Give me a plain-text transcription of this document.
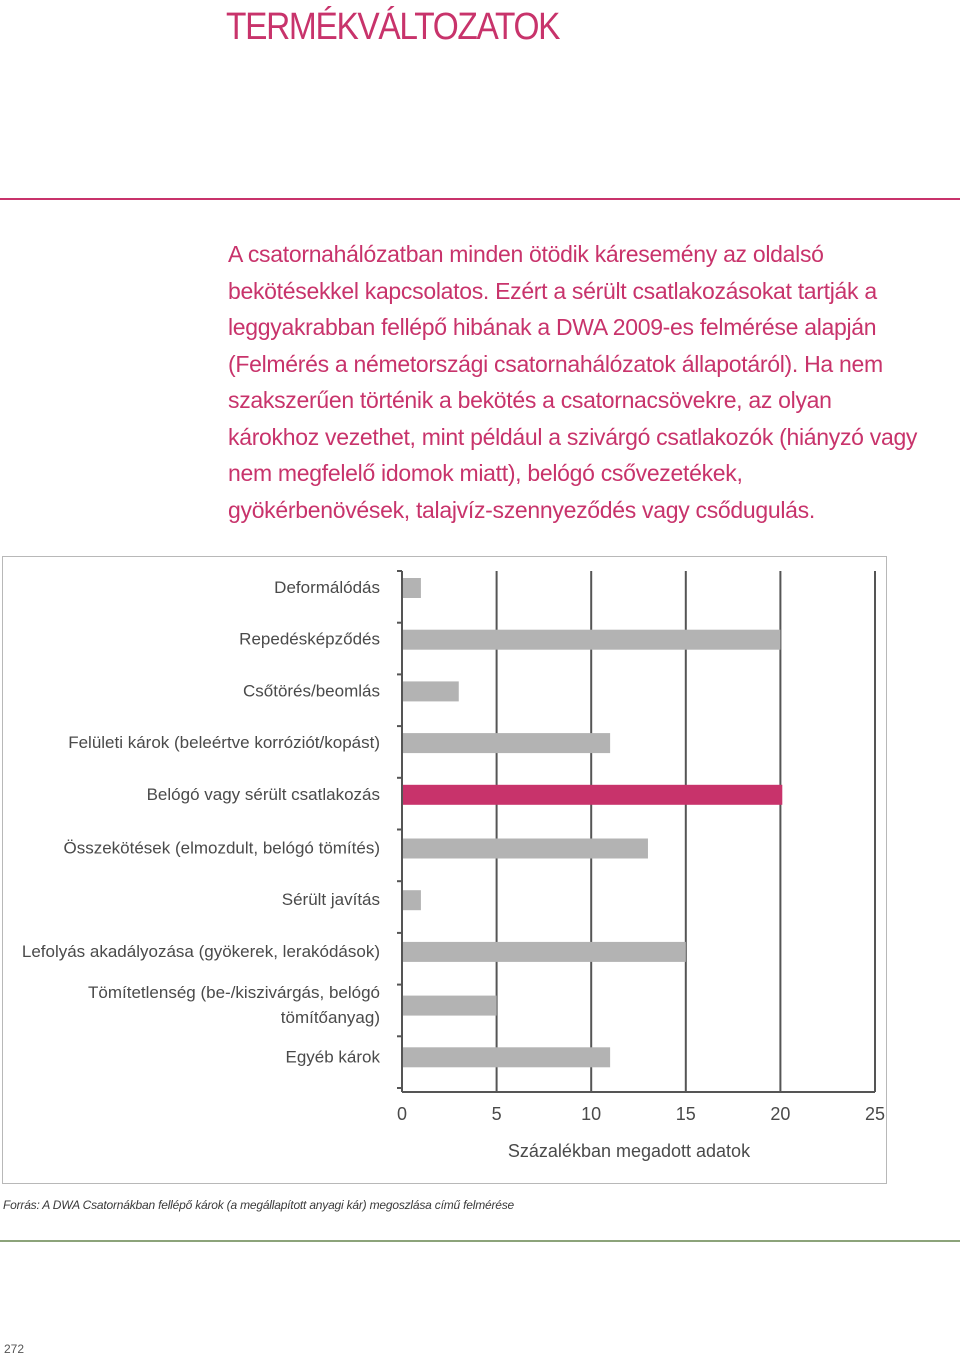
TERMÉKVÁLTOZATOK

A csatornahálózatban minden ötödik káresemény az oldalsó bekötésekkel kapcsolatos. Ezért a sérült csatlakozásokat tartják a leggyakrabban fellépő hibának a DWA 2009-es felmérése alapján (Felmérés a németországi csatornahálózatok állapotáról). Ha nem szakszerűen történik a bekötés a csatornacsövekre, az olyan károkhoz vezethet, mint például a szivárgó csatlakozók (hiányzó vagy nem megfelelő idomok miatt), belógó csővezetékek, gyökérbenövések, talajvíz-szennyeződés vagy csődugulás.

Deformálódás
Repedésképződés
Csőtörés/beomlás
Felületi károk (beleértve korróziót/kopást)
Belógó vagy sérült csatlakozás
Összekötések (elmozdult, belógó tömítés)
Sérült javítás
Lefolyás akadályozása (gyökerek, lerakódások)
Tömítetlenség (be-/kiszivárgás, belógó tömítőanyag)
Egyéb károk
0	5	10	15	20	25
Százalékban megadott adatok
Forrás: A DWA Csatornákban fellépő károk (a megállapított anyagi kár) megoszlása című felmérése
272
